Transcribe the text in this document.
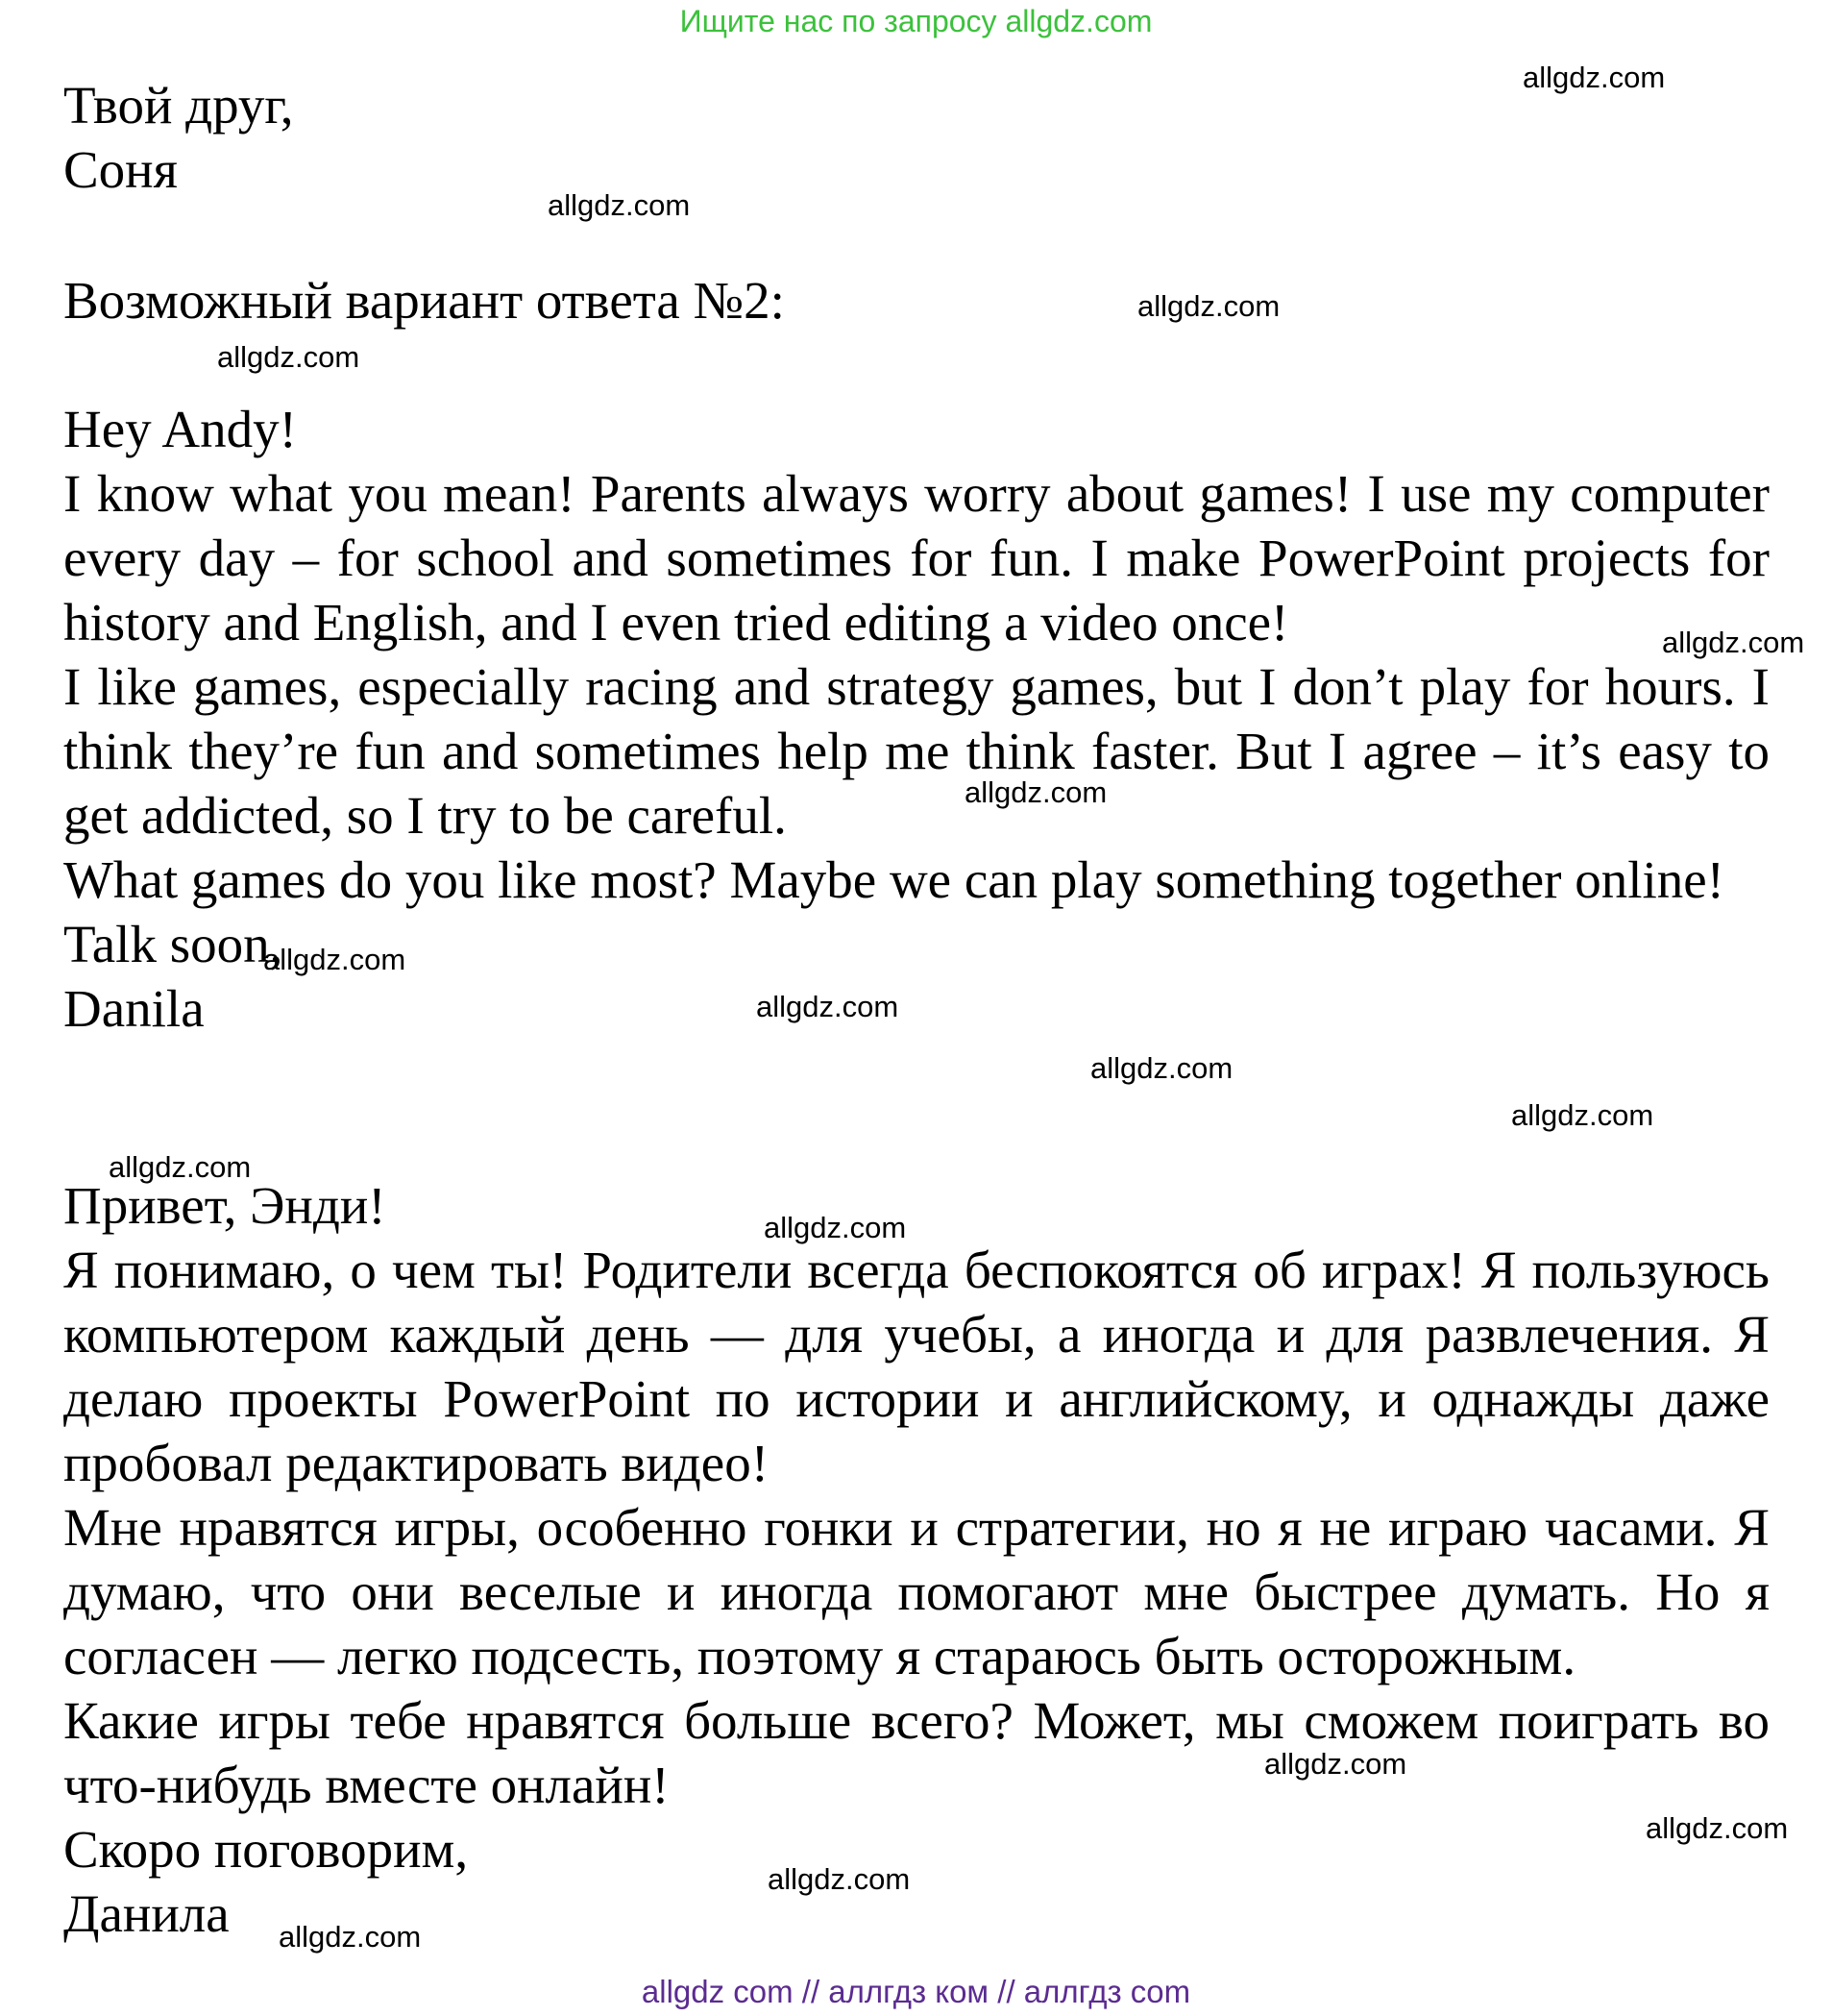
Ищите нас по запросу allgdz.com

Твой друг,

Соня

Возможный вариант ответа №2:

Hey Andy!

I know what you mean! Parents always worry about games! I use my computer every day – for school and sometimes for fun. I make PowerPoint projects for history and English, and I even tried editing a video once!

I like games, especially racing and strategy games, but I don’t play for hours. I think they’re fun and sometimes help me think faster. But I agree – it’s easy to get addicted, so I try to be careful.

What games do you like most? Maybe we can play something together online!

Talk soon,

Danila

Привет, Энди!

Я понимаю, о чем ты! Родители всегда беспокоятся об играх! Я пользуюсь компьютером каждый день — для учебы, а иногда и для развлечения. Я делаю проекты PowerPoint по истории и английскому, и однажды даже пробовал редактировать видео!

Мне нравятся игры, особенно гонки и стратегии, но я не играю часами. Я думаю, что они веселые и иногда помогают мне быстрее думать. Но я согласен — легко подсесть, поэтому я стараюсь быть осторожным.

Какие игры тебе нравятся больше всего? Может, мы сможем поиграть во что-нибудь вместе онлайн!

Скоро поговорим,

Данила

allgdz.com
allgdz.com
allgdz.com
allgdz.com
allgdz.com
allgdz.com
allgdz.com
allgdz.com
allgdz.com
allgdz.com
allgdz.com
allgdz.com
allgdz.com
allgdz.com
allgdz.com
allgdz.com
allgdz com // аллгдз ком // аллгдз com
